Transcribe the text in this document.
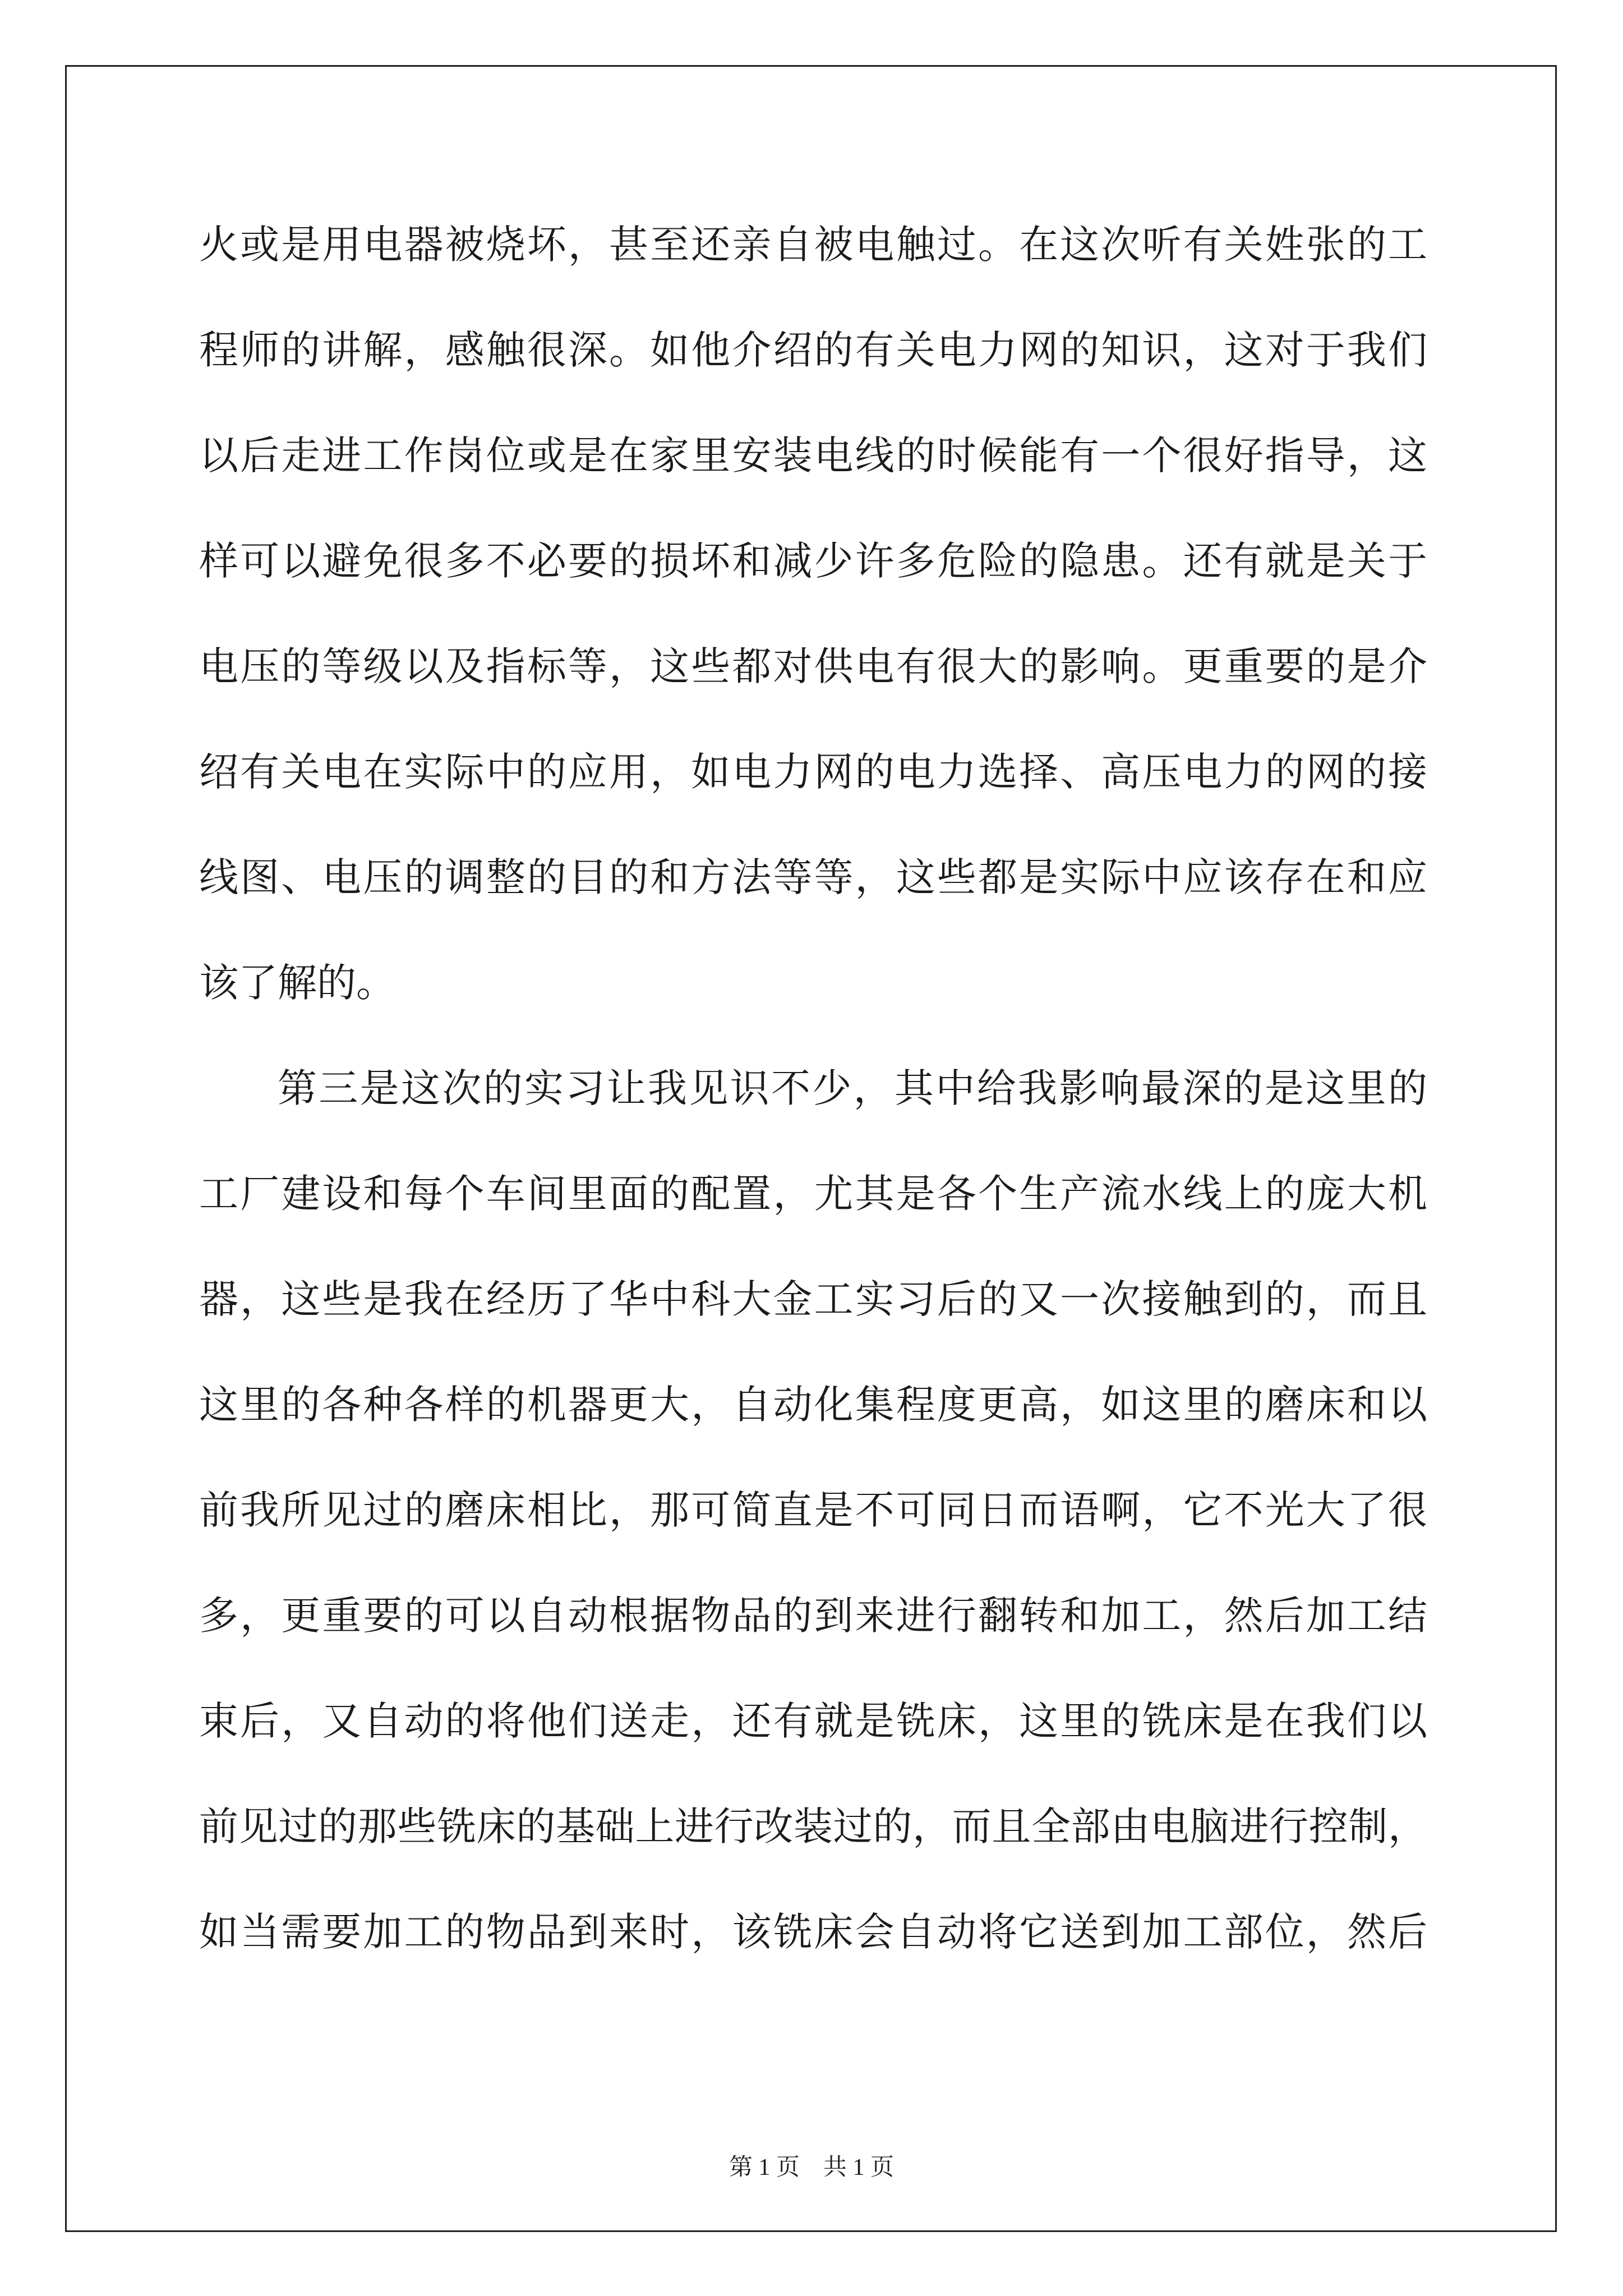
火或是用电器被烧坏，甚至还亲自被电触过。在这次听有关姓张的工
程师的讲解，感触很深。如他介绍的有关电力网的知识，这对于我们
以后走进工作岗位或是在家里安装电线的时候能有一个很好指导，这
样可以避免很多不必要的损坏和减少许多危险的隐患。还有就是关于
电压的等级以及指标等，这些都对供电有很大的影响。更重要的是介
绍有关电在实际中的应用，如电力网的电力选择、高压电力的网的接
线图、电压的调整的目的和方法等等，这些都是实际中应该存在和应
该了解的。
第三是这次的实习让我见识不少，其中给我影响最深的是这里的
工厂建设和每个车间里面的配置，尤其是各个生产流水线上的庞大机
器，这些是我在经历了华中科大金工实习后的又一次接触到的，而且
这里的各种各样的机器更大，自动化集程度更高，如这里的磨床和以
前我所见过的磨床相比，那可简直是不可同日而语啊，它不光大了很
多，更重要的可以自动根据物品的到来进行翻转和加工，然后加工结
束后，又自动的将他们送走，还有就是铣床，这里的铣床是在我们以
前见过的那些铣床的基础上进行改装过的，而且全部由电脑进行控制，
如当需要加工的物品到来时，该铣床会自动将它送到加工部位，然后
第 1 页    共 1 页
